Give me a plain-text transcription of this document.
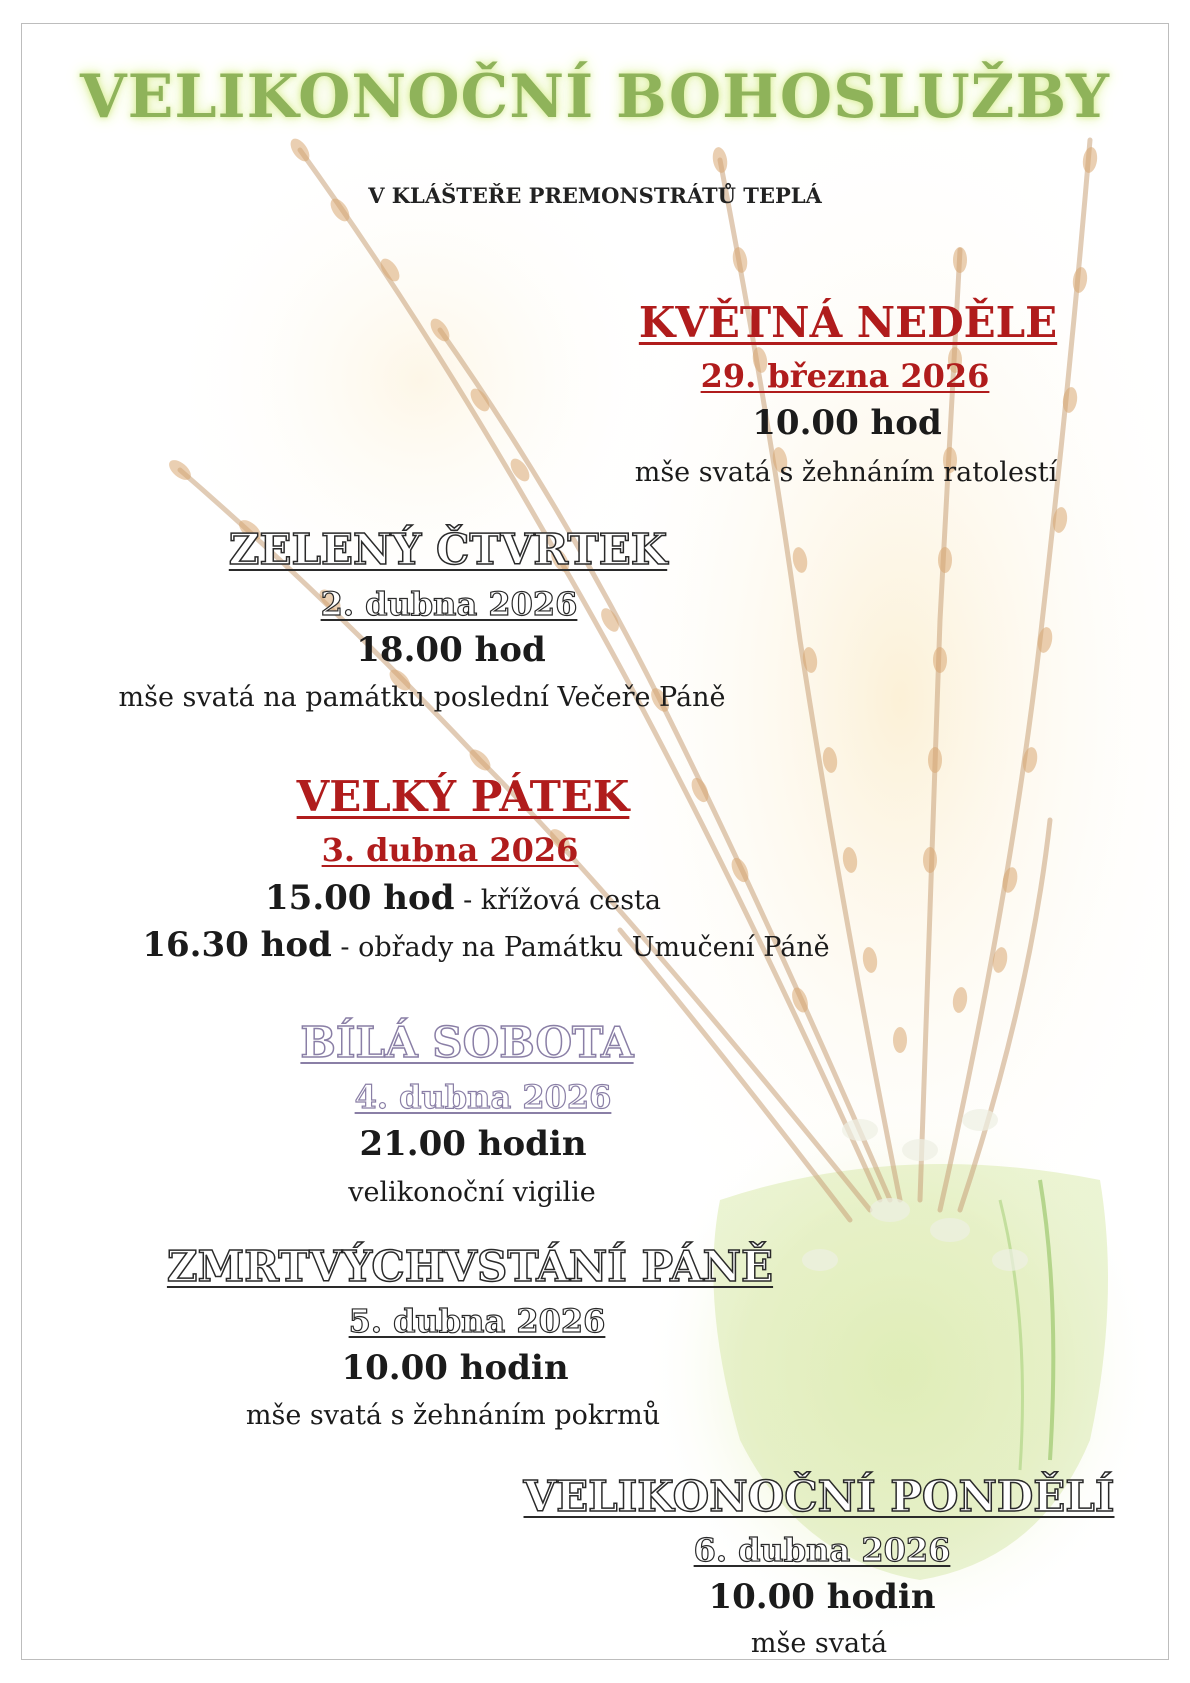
VELIKONOČNÍ BOHOSLUŽBY
V KLÁŠTEŘE PREMONSTRÁTŮ TEPLÁ
KVĚTNÁ NEDĚLE
29. března 2026
10.00 hod
mše svatá s žehnáním ratolestí
ZELENÝ ČTVRTEK
2. dubna 2026
18.00 hod
mše svatá na památku poslední Večeře Páně
VELKÝ PÁTEK
3. dubna 2026
15.00 hod - křížová cesta
16.30 hod - obřady na Památku Umučení Páně
BÍLÁ SOBOTA
4. dubna 2026
21.00 hodin
velikonoční vigilie
ZMRTVÝCHVSTÁNÍ PÁNĚ
5. dubna 2026
10.00 hodin
mše svatá s žehnáním pokrmů
VELIKONOČNÍ PONDĚLÍ
6. dubna 2026
10.00 hodin
mše svatá
